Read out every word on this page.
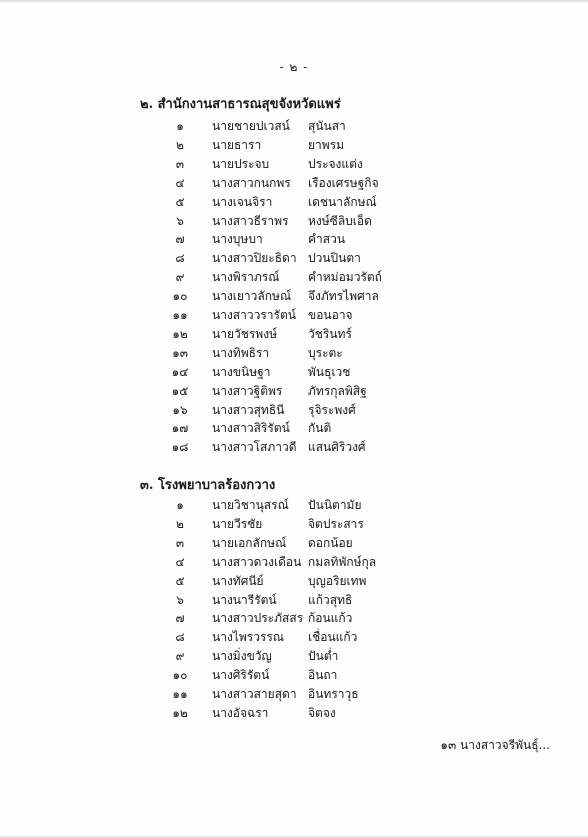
- ๒ -
๒. สำนักงานสาธารณสุขจังหวัดแพร่
๑	นายชายปเวสน์ สุนันสา
๒	นายธารา	ยาพรม
๓	นายประจบ	ประจงแต่ง
๔	นางสาวกนกพร เรืองเศรษฐกิจ
๕	นางเจนจิรา	เดชนาลักษณ์
๖	นางสาวธีราพร หงษ์ซีลิบเอ็ด
๗	นางบุษบา	คำสวน
๘	นางสาวปิยะธิดา ปวนปินตา
๙	นางพิราภรณ์ คำหม่อมวรัตถ์
๑๐	นางเยาวลักษณ์ จึงภัทรไพศาล
๑๑	นางสาววรารัตน์ ขอนอาจ
๑๒	นายวัชรพงษ์	วัชรินทร์
๑๓	นางทิพธิรา	บุระตะ
๑๔	นางขนิษฐา	พันธุเวช
๑๕	นางสาวฐิติพร ภัทรกุลพิสิฐ
๑๖	นางสาวสุทธินี รุจิระพงศ์
๑๗	นางสาวสิริรัตน์ กันติ
๑๘	นางสาวโสภาวดี แสนศิริวงศ์
๓. โรงพยาบาลร้องกวาง
๑	นายวิชานุสรณ์ ปันนิตามัย
๒	นายวีรชัย	จิตประสาร
๓	นายเอกลักษณ์ ดอกน้อย
๔	นางสาวดวงเดือน กมลทิพักษ์กุล
๕	นางทัศนีย์	บุญอริยเทพ
๖	นางนารีรัตน์	แก้วสุทธิ
๗	นางสาวประภัสสร ก้อนแก้ว
๘	นางไพรวรรณ เชื่อนแก้ว
๙	นางมิ่งขวัญ	ปันต่ำ
๑๐	นางศิริรัตน์	อินถา
๑๑	นางสาวสายสุดา อินทราวุธ
๑๒	นางอัจฉรา	จิตจง
๑๓ นางสาวจรีพันธุ์...
